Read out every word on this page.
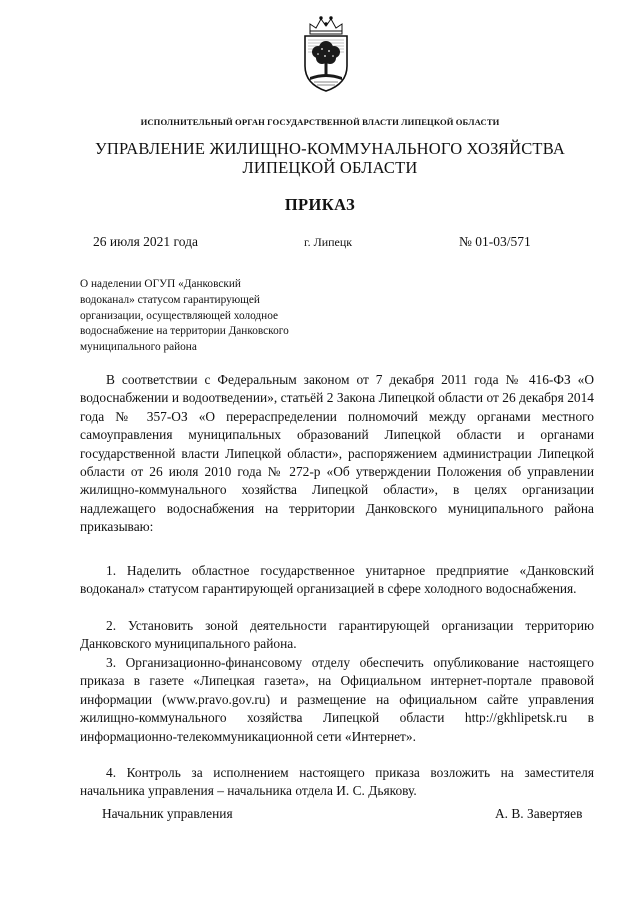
ИСПОЛНИТЕЛЬНЫЙ ОРГАН ГОСУДАРСТВЕННОЙ ВЛАСТИ ЛИПЕЦКОЙ ОБЛАСТИ
УПРАВЛЕНИЕ ЖИЛИЩНО-КОММУНАЛЬНОГО ХОЗЯЙСТВА
ЛИПЕЦКОЙ ОБЛАСТИ
ПРИКАЗ
26 июля 2021 года	г. Липецк	№ 01-03/571
О наделении ОГУП «Данковский
водоканал» статусом гарантирующей
организации, осуществляющей холодное
водоснабжение на территории Данковского
муниципального района

В соответствии с Федеральным законом от 7 декабря 2011 года № 416-ФЗ «О водоснабжении и водоотведении», статьёй 2 Закона Липецкой области от 26 декабря 2014 года № 357-ОЗ «О перераспределении полномочий между органами местного самоуправления муниципальных образований Липецкой области и органами государственной власти Липецкой области», распоряжением администрации Липецкой области от 26 июля 2010 года № 272-р «Об утверждении Положения об управлении жилищно-коммунального хозяйства Липецкой области», в целях организации надлежащего водоснабжения на территории Данковского муниципального района приказываю:

1. Наделить областное государственное унитарное предприятие «Данковский водоканал» статусом гарантирующей организацией в сфере холодного водоснабжения.

2. Установить зоной деятельности гарантирующей организации территорию Данковского муниципального района.

3. Организационно-финансовому отделу обеспечить опубликование настоящего приказа в газете «Липецкая газета», на Официальном интернет-портале правовой информации (www.pravo.gov.ru) и размещение на официальном сайте управления жилищно-коммунального хозяйства Липецкой области http://gkhlipetsk.ru в информационно-телекоммуникационной сети «Интернет».

4. Контроль за исполнением настоящего приказа возложить на заместителя начальника управления – начальника отдела И. С. Дьякову.

Начальник управления	А. В. Завертяев
